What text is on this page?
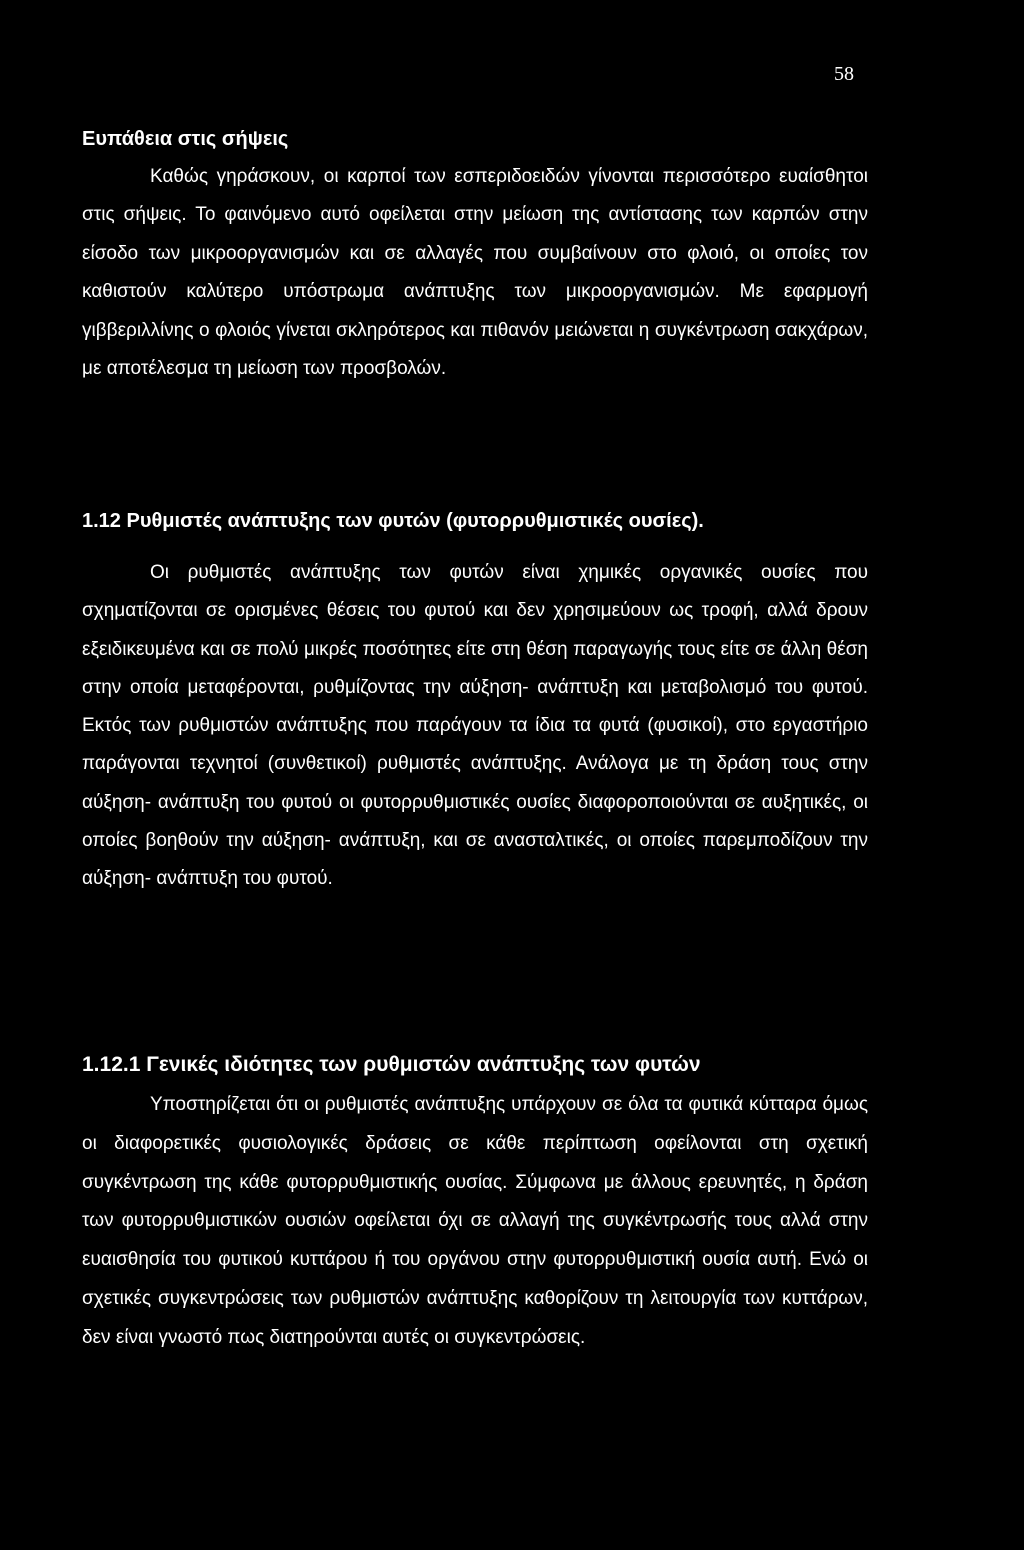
58
Ευπάθεια στις σήψεις
Καθώς γηράσκουν, οι καρποί των εσπεριδοειδών γίνονται περισσότερο ευαίσθητοι στις σήψεις. Το φαινόμενο αυτό οφείλεται στην μείωση της αντίστασης των καρπών στην είσοδο των μικροοργανισμών και σε αλλαγές που συμβαίνουν στο φλοιό, οι οποίες τον καθιστούν καλύτερο υπόστρωμα ανάπτυξης των μικροοργανισμών. Με εφαρμογή γιββεριλλίνης ο φλοιός γίνεται σκληρότερος και πιθανόν μειώνεται η συγκέντρωση σακχάρων, με αποτέλεσμα τη μείωση των προσβολών.
1.12 Ρυθμιστές ανάπτυξης των φυτών (φυτορρυθμιστικές ουσίες).
Οι ρυθμιστές ανάπτυξης των φυτών είναι χημικές οργανικές ουσίες που σχηματίζονται σε ορισμένες θέσεις του φυτού και δεν χρησιμεύουν ως τροφή, αλλά δρουν εξειδικευμένα και σε πολύ μικρές ποσότητες είτε στη θέση παραγωγής τους είτε σε άλλη θέση στην οποία μεταφέρονται, ρυθμίζοντας την αύξηση- ανάπτυξη και μεταβολισμό του φυτού. Εκτός των ρυθμιστών ανάπτυξης που παράγουν τα ίδια τα φυτά (φυσικοί), στο εργαστήριο παράγονται τεχνητοί (συνθετικοί) ρυθμιστές ανάπτυξης. Ανάλογα με τη δράση τους στην αύξηση- ανάπτυξη του φυτού οι φυτορρυθμιστικές ουσίες διαφοροποιούνται σε αυξητικές, οι οποίες βοηθούν την αύξηση- ανάπτυξη, και σε ανασταλτικές, οι οποίες παρεμποδίζουν την αύξηση- ανάπτυξη του φυτού.
1.12.1 Γενικές ιδιότητες των ρυθμιστών ανάπτυξης των φυτών
Υποστηρίζεται ότι οι ρυθμιστές ανάπτυξης υπάρχουν σε όλα τα φυτικά κύτταρα όμως οι διαφορετικές φυσιολογικές δράσεις σε κάθε περίπτωση οφείλονται στη σχετική συγκέντρωση της κάθε φυτορρυθμιστικής ουσίας. Σύμφωνα με άλλους ερευνητές, η δράση των φυτορρυθμιστικών ουσιών οφείλεται όχι σε αλλαγή της συγκέντρωσής τους αλλά στην ευαισθησία του φυτικού κυττάρου ή του οργάνου στην φυτορρυθμιστική ουσία αυτή. Ενώ οι σχετικές συγκεντρώσεις των ρυθμιστών ανάπτυξης καθορίζουν τη λειτουργία των κυττάρων, δεν είναι γνωστό πως διατηρούνται αυτές οι συγκεντρώσεις.
